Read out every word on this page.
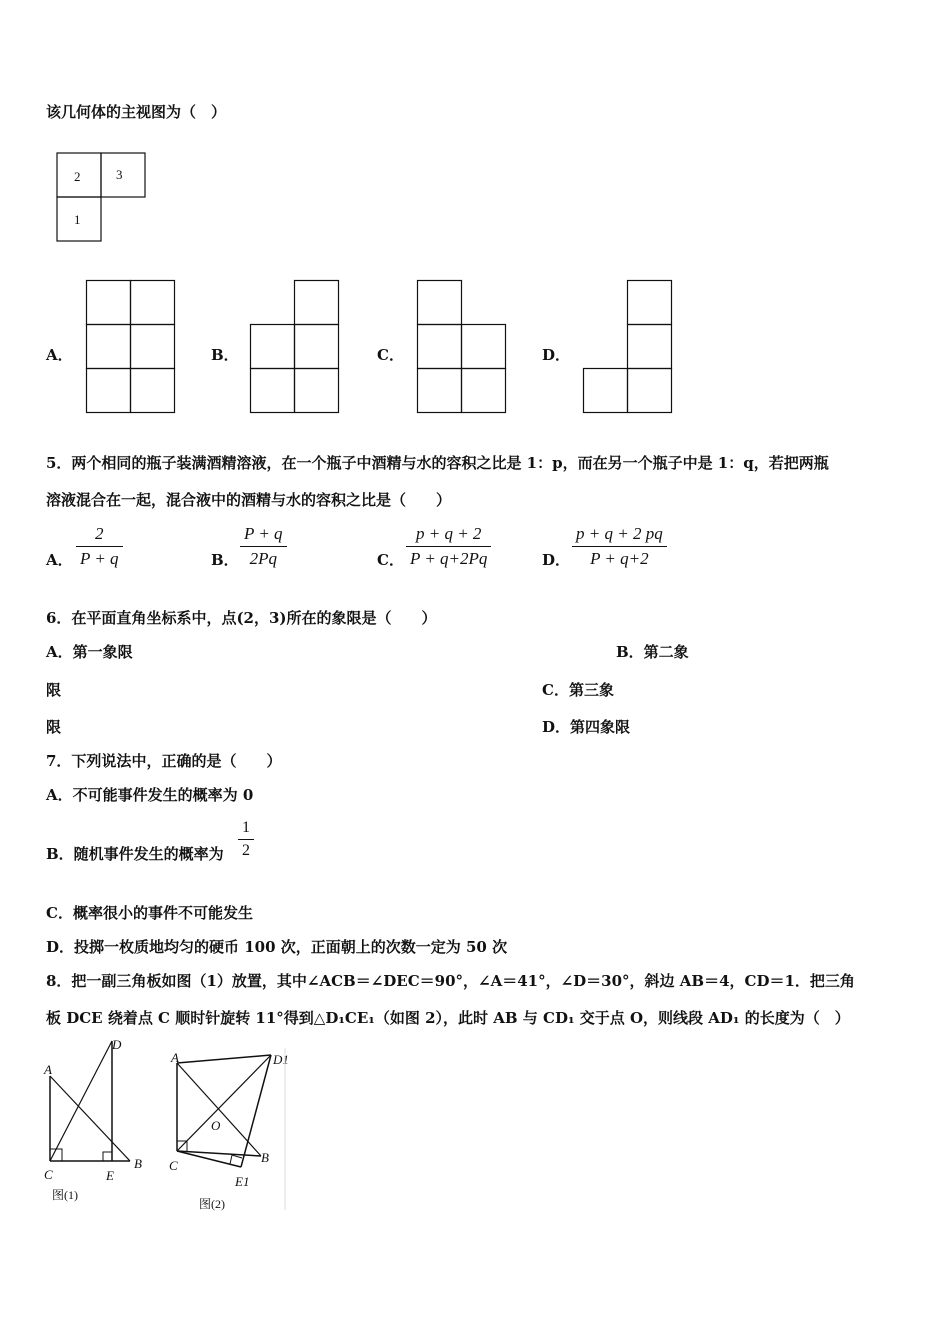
该几何体的主视图为（　）
2	3
1
A．	B．	C．	D．
5．两个相同的瓶子装满酒精溶液，在一个瓶子中酒精与水的容积之比是 1：p，而在另一个瓶子中是 1：q，若把两瓶
溶液混合在一起，混合液中的酒精与水的容积之比是（　　）
A． $\frac{2}{P + q}$	B． $\frac{P + q}{2Pq}$	C． $\frac{p + q + 2}{P + q+2Pq}$	D． $\frac{p + q + 2 pq}{P + q+2}$
6．在平面直角坐标系中，点(2，3)所在的象限是（　　）
A．第一象限	B．第二象
限	C．第三象
限	D．第四象限
7．下列说法中，正确的是（　　）
A．不可能事件发生的概率为 0
B．随机事件发生的概率为 $\frac{1}{2}$
C．概率很小的事件不可能发生
D．投掷一枚质地均匀的硬币 100 次，正面朝上的次数一定为 50 次
8．把一副三角板如图（1）放置，其中∠ACB＝∠DEC＝90°，∠A＝41°，∠D＝30°，斜边 AB＝4，CD＝1．把三角
板 DCE 绕着点 C 顺时针旋转 11°得到△D₁CE₁（如图 2），此时 AB 与 CD₁ 交于点 O，则线段 AD₁ 的长度为（　）
D
A
C	E
B
图(1)
A	D1
O
C
B
E1
图(2)
